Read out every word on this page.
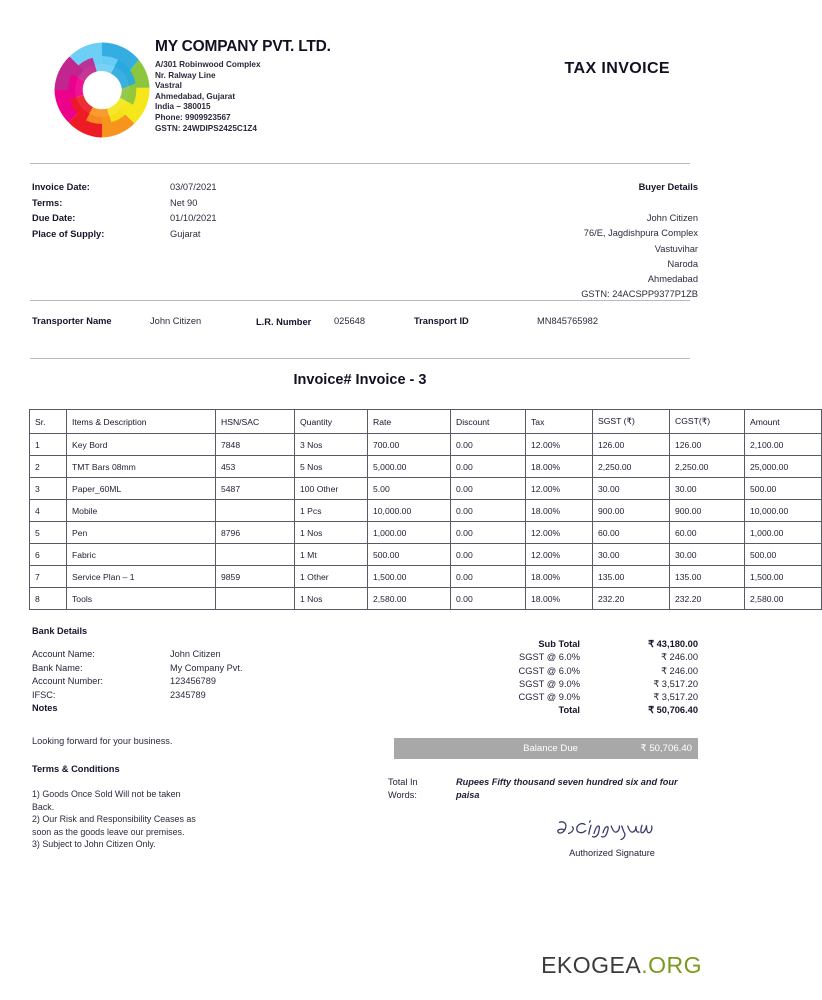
MY COMPANY PVT. LTD.
A/301 Robinwood Complex
Nr. Ralway Line
Vastral
Ahmedabad, Gujarat
India – 380015
Phone: 9909923567
GSTN: 24WDIPS2425C1Z4
TAX INVOICE
Invoice Date:	03/07/2021
Terms:	Net 90
Due Date:	01/10/2021
Place of Supply:	Gujarat
Buyer Details
John Citizen
76/E, Jagdishpura Complex
Vastuvihar
Naroda
Ahmedabad
GSTN: 24ACSPP9377P1ZB
Transporter Name	John Citizen	L.R. Number	025648	Transport ID	MN845765982
Invoice# Invoice - 3
Sr.	Items & Description	HSN/SAC	Quantity	Rate	Discount	Tax	SGST (₹)	CGST(₹)	Amount
1	Key Bord	7848	3 Nos	700.00	0.00	12.00%	126.00	126.00	2,100.00
2	TMT Bars 08mm	453	5 Nos	5,000.00	0.00	18.00%	2,250.00	2,250.00	25,000.00
3	Paper_60ML	5487	100 Other	5.00	0.00	12.00%	30.00	30.00	500.00
4	Mobile		1 Pcs	10,000.00	0.00	18.00%	900.00	900.00	10,000.00
5	Pen	8796	1 Nos	1,000.00	0.00	12.00%	60.00	60.00	1,000.00
6	Fabric		1 Mt	500.00	0.00	12.00%	30.00	30.00	500.00
7	Service Plan – 1	9859	1 Other	1,500.00	0.00	18.00%	135.00	135.00	1,500.00
8	Tools		1 Nos	2,580.00	0.00	18.00%	232.20	232.20	2,580.00
Bank Details
Account Name:	John Citizen
Bank Name:	My Company Pvt.
Account Number:	123456789
IFSC:	2345789
Notes
Looking forward for your business.
Terms & Conditions
1) Goods Once Sold Will not be taken
Back.
2) Our Risk and Responsibility Ceases as
soon as the goods leave our premises.
3) Subject to John Citizen Only.
Sub Total	₹ 43,180.00
SGST @ 6.0%	₹ 246.00
CGST @ 6.0%	₹ 246.00
SGST @ 9.0%	₹ 3,517.20
CGST @ 9.0%	₹ 3,517.20
Total	₹ 50,706.40
Balance Due	₹ 50,706.40
Total In
Words:
Rupees Fifty thousand seven hundred six and four paisa
Authorized Signature
EKOGEA.ORG
